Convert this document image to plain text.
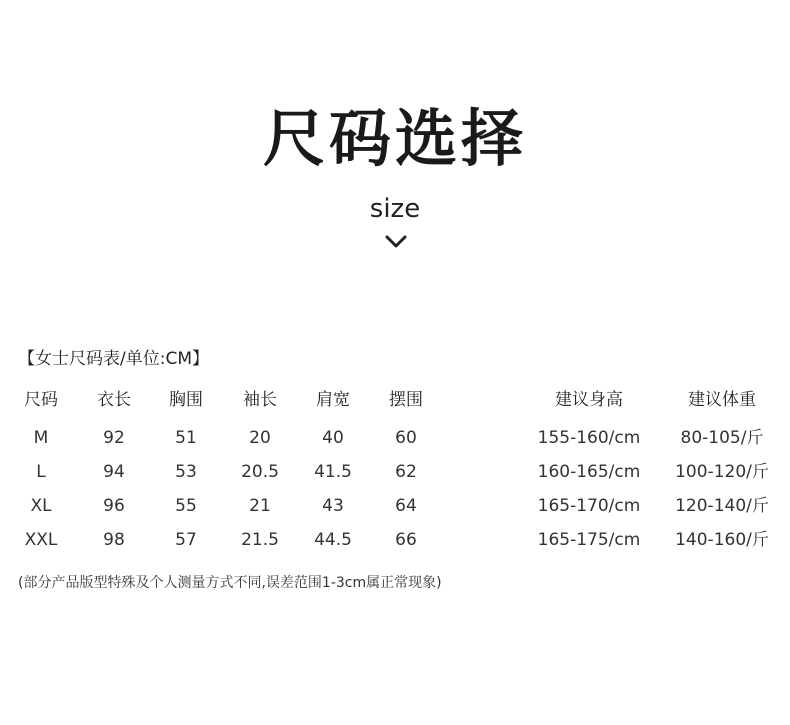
尺码选择
size
【女士尺码表/单位:CM】
尺码	衣长	胸围	袖长	肩宽	摆围	建议身高	建议体重
M	92	51	20	40	60	155-160/cm	80-105/斤
L	94	53	20.5	41.5	62	160-165/cm	100-120/斤
XL	96	55	21	43	64	165-170/cm	120-140/斤
XXL	98	57	21.5	44.5	66	165-175/cm	140-160/斤
(部分产品版型特殊及个人测量方式不同,误差范围1-3cm属正常现象)
